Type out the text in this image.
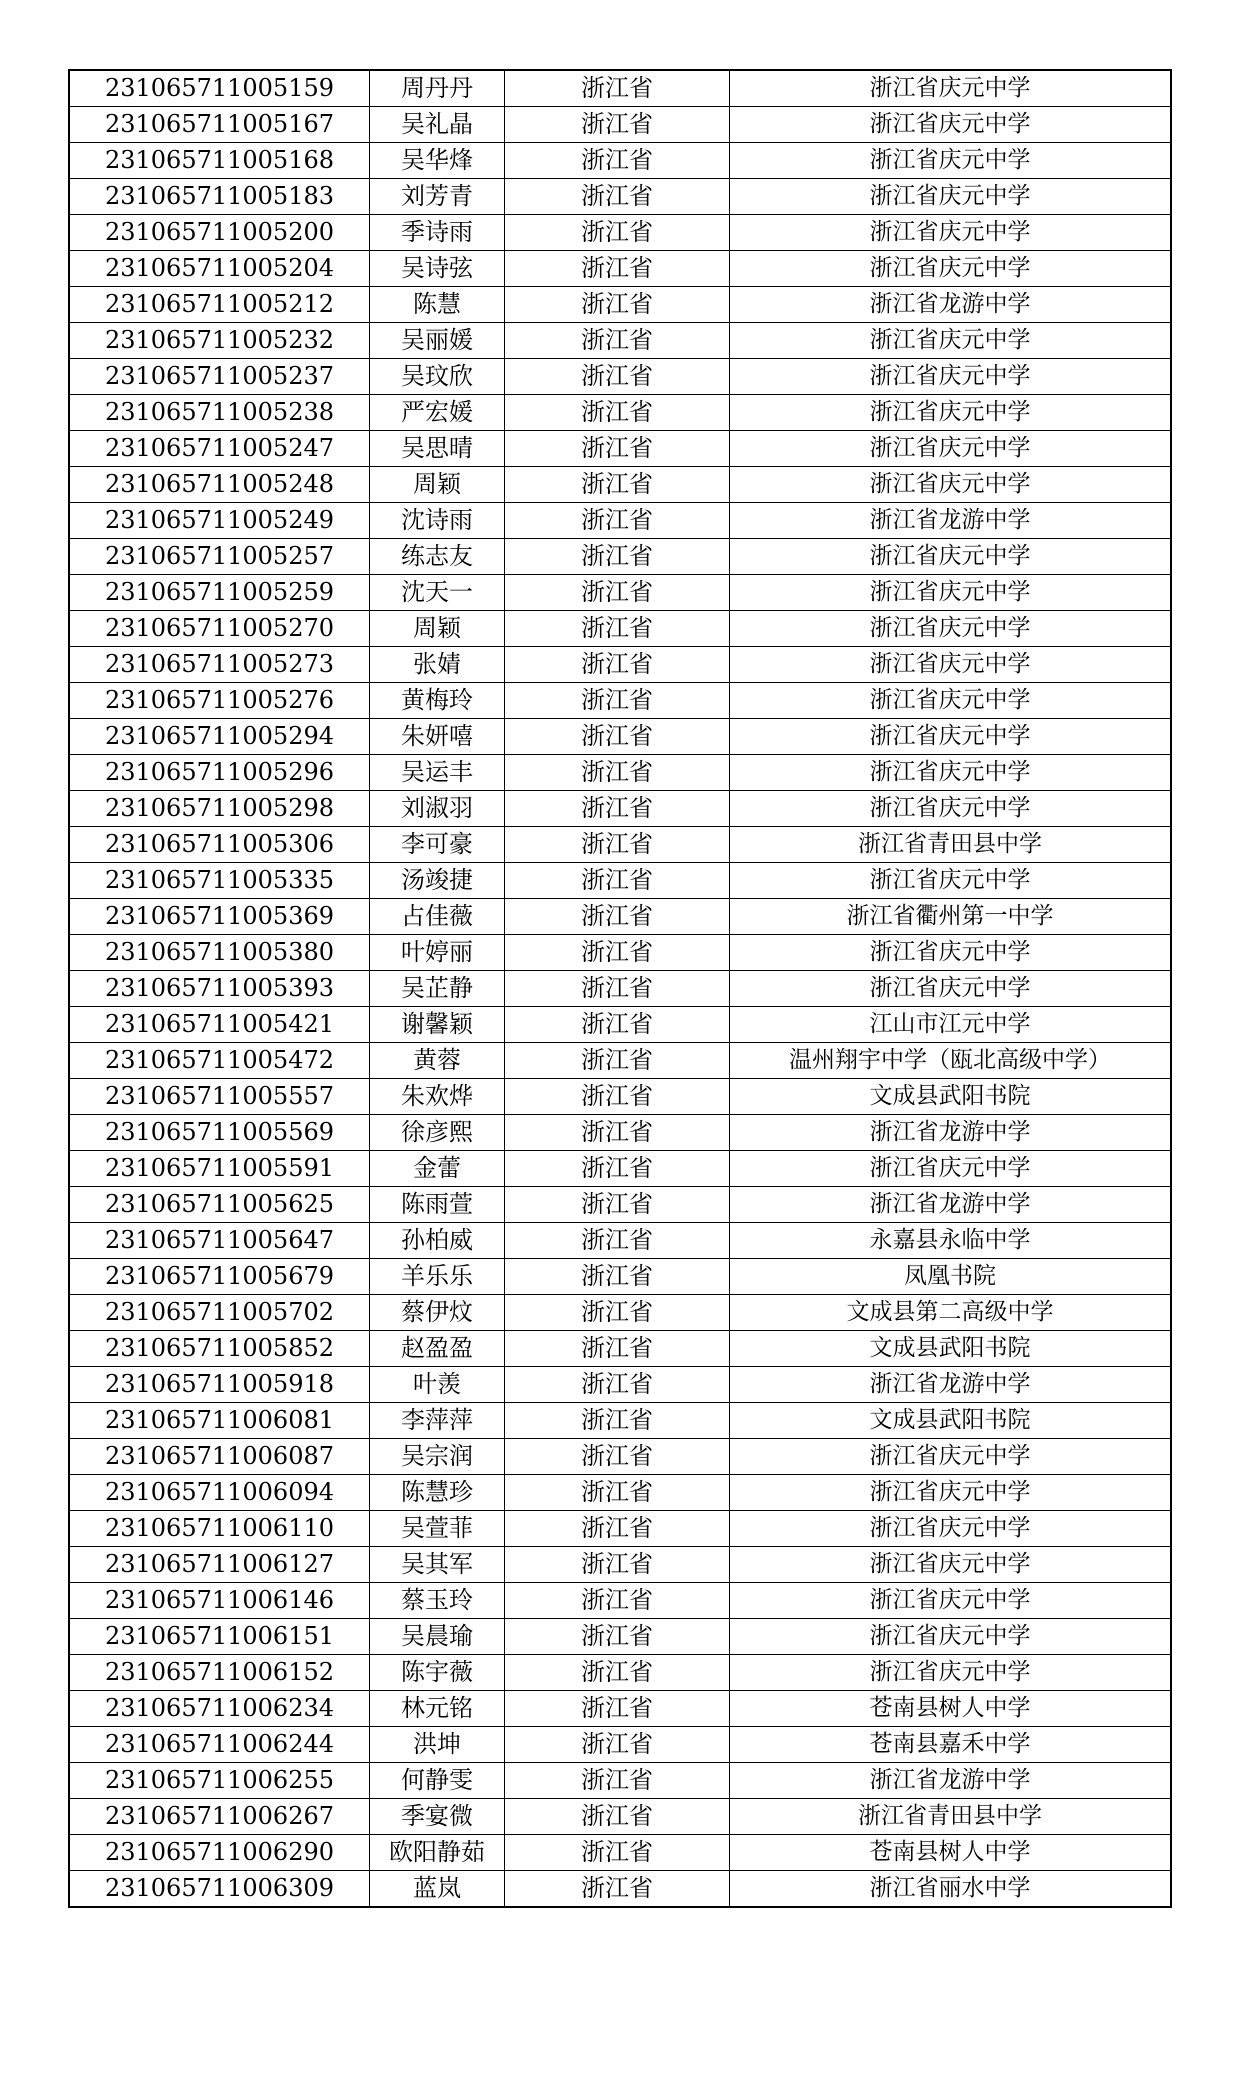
231065711005159	周丹丹	浙江省	浙江省庆元中学
231065711005167	吴礼晶	浙江省	浙江省庆元中学
231065711005168	吴华烽	浙江省	浙江省庆元中学
231065711005183	刘芳青	浙江省	浙江省庆元中学
231065711005200	季诗雨	浙江省	浙江省庆元中学
231065711005204	吴诗弦	浙江省	浙江省庆元中学
231065711005212	陈慧	浙江省	浙江省龙游中学
231065711005232	吴丽媛	浙江省	浙江省庆元中学
231065711005237	吴玟欣	浙江省	浙江省庆元中学
231065711005238	严宏媛	浙江省	浙江省庆元中学
231065711005247	吴思晴	浙江省	浙江省庆元中学
231065711005248	周颖	浙江省	浙江省庆元中学
231065711005249	沈诗雨	浙江省	浙江省龙游中学
231065711005257	练志友	浙江省	浙江省庆元中学
231065711005259	沈天一	浙江省	浙江省庆元中学
231065711005270	周颖	浙江省	浙江省庆元中学
231065711005273	张婧	浙江省	浙江省庆元中学
231065711005276	黄梅玲	浙江省	浙江省庆元中学
231065711005294	朱妍嘻	浙江省	浙江省庆元中学
231065711005296	吴运丰	浙江省	浙江省庆元中学
231065711005298	刘淑羽	浙江省	浙江省庆元中学
231065711005306	李可豪	浙江省	浙江省青田县中学
231065711005335	汤竣捷	浙江省	浙江省庆元中学
231065711005369	占佳薇	浙江省	浙江省衢州第一中学
231065711005380	叶婷丽	浙江省	浙江省庆元中学
231065711005393	吴芷静	浙江省	浙江省庆元中学
231065711005421	谢馨颖	浙江省	江山市江元中学
231065711005472	黄蓉	浙江省	温州翔宇中学（瓯北高级中学）
231065711005557	朱欢烨	浙江省	文成县武阳书院
231065711005569	徐彦熙	浙江省	浙江省龙游中学
231065711005591	金蕾	浙江省	浙江省庆元中学
231065711005625	陈雨萱	浙江省	浙江省龙游中学
231065711005647	孙柏威	浙江省	永嘉县永临中学
231065711005679	羊乐乐	浙江省	凤凰书院
231065711005702	蔡伊炆	浙江省	文成县第二高级中学
231065711005852	赵盈盈	浙江省	文成县武阳书院
231065711005918	叶羡	浙江省	浙江省龙游中学
231065711006081	李萍萍	浙江省	文成县武阳书院
231065711006087	吴宗润	浙江省	浙江省庆元中学
231065711006094	陈慧珍	浙江省	浙江省庆元中学
231065711006110	吴萱菲	浙江省	浙江省庆元中学
231065711006127	吴其军	浙江省	浙江省庆元中学
231065711006146	蔡玉玲	浙江省	浙江省庆元中学
231065711006151	吴晨瑜	浙江省	浙江省庆元中学
231065711006152	陈宇薇	浙江省	浙江省庆元中学
231065711006234	林元铭	浙江省	苍南县树人中学
231065711006244	洪坤	浙江省	苍南县嘉禾中学
231065711006255	何静雯	浙江省	浙江省龙游中学
231065711006267	季宴微	浙江省	浙江省青田县中学
231065711006290	欧阳静茹	浙江省	苍南县树人中学
231065711006309	蓝岚	浙江省	浙江省丽水中学
